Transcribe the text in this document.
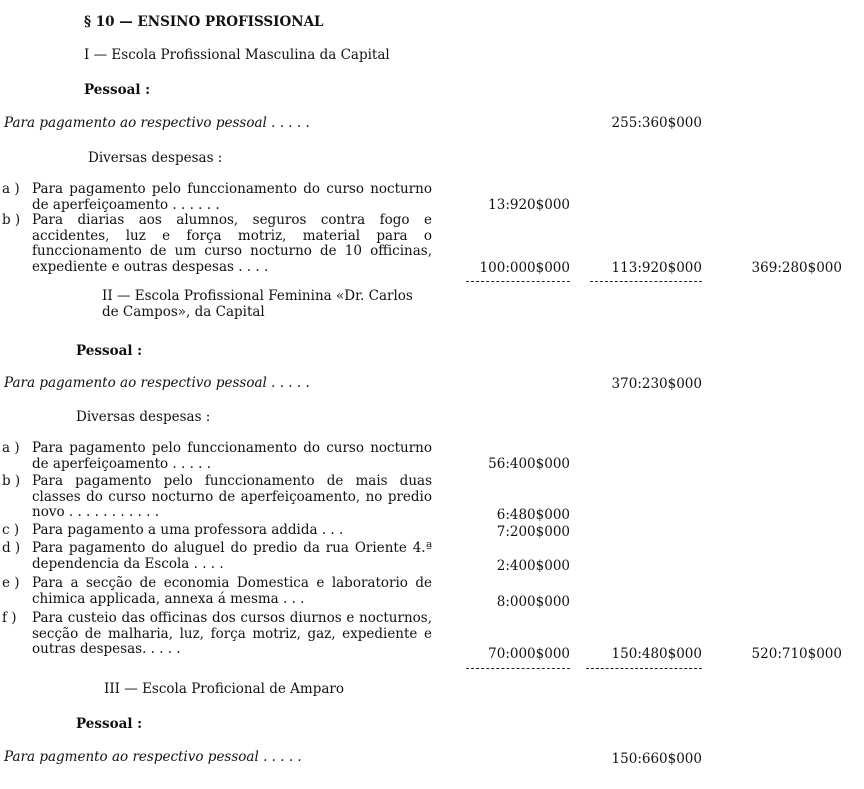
§ 10 — ENSINO PROFISSIONAL
I — Escola Profissional Masculina da Capital
Pessoal :
Para pagamento ao respectivo pessoal . . . . .	255:360$000
Diversas despesas :
a ) Para pagamento pelo funccionamento do curso nocturno de aperfeiçoamento . . . . . .	13:920$000
b ) Para diarias aos alumnos, seguros contra fogo e accidentes, luz e força motriz, material para o funccionamento de um curso nocturno de 10 officinas, expediente e outras despesas . . . .	100:000$000	113:920$000	369:280$000
II — Escola Profissional Feminina «Dr. Carlos de Campos», da Capital
Pessoal :
Para pagamento ao respectivo pessoal . . . . .	370:230$000
Diversas despesas :
a ) Para pagamento pelo funccionamento do curso nocturno de aperfeiçoamento . . . . .	56:400$000
b ) Para pagamento pelo funccionamento de mais duas classes do curso nocturno de aperfeiçoamento, no predio novo . . . . . . . . . . .	6:480$000
c ) Para pagamento a uma professora addida . . .	7:200$000
d ) Para pagamento do aluguel do predio da rua Oriente 4.ª dependencia da Escola . . . .	2:400$000
e ) Para a secção de economia Domestica e laboratorio de chimica applicada, annexa á mesma . . .	8:000$000
f ) Para custeio das officinas dos cursos diurnos e nocturnos, secção de malharia, luz, força motriz, gaz, expediente e outras despesas. . . . .	70:000$000	150:480$000	520:710$000
III — Escola Proficional de Amparo
Pessoal :
Para pagmento ao respectivo pessoal . . . . .	150:660$000
